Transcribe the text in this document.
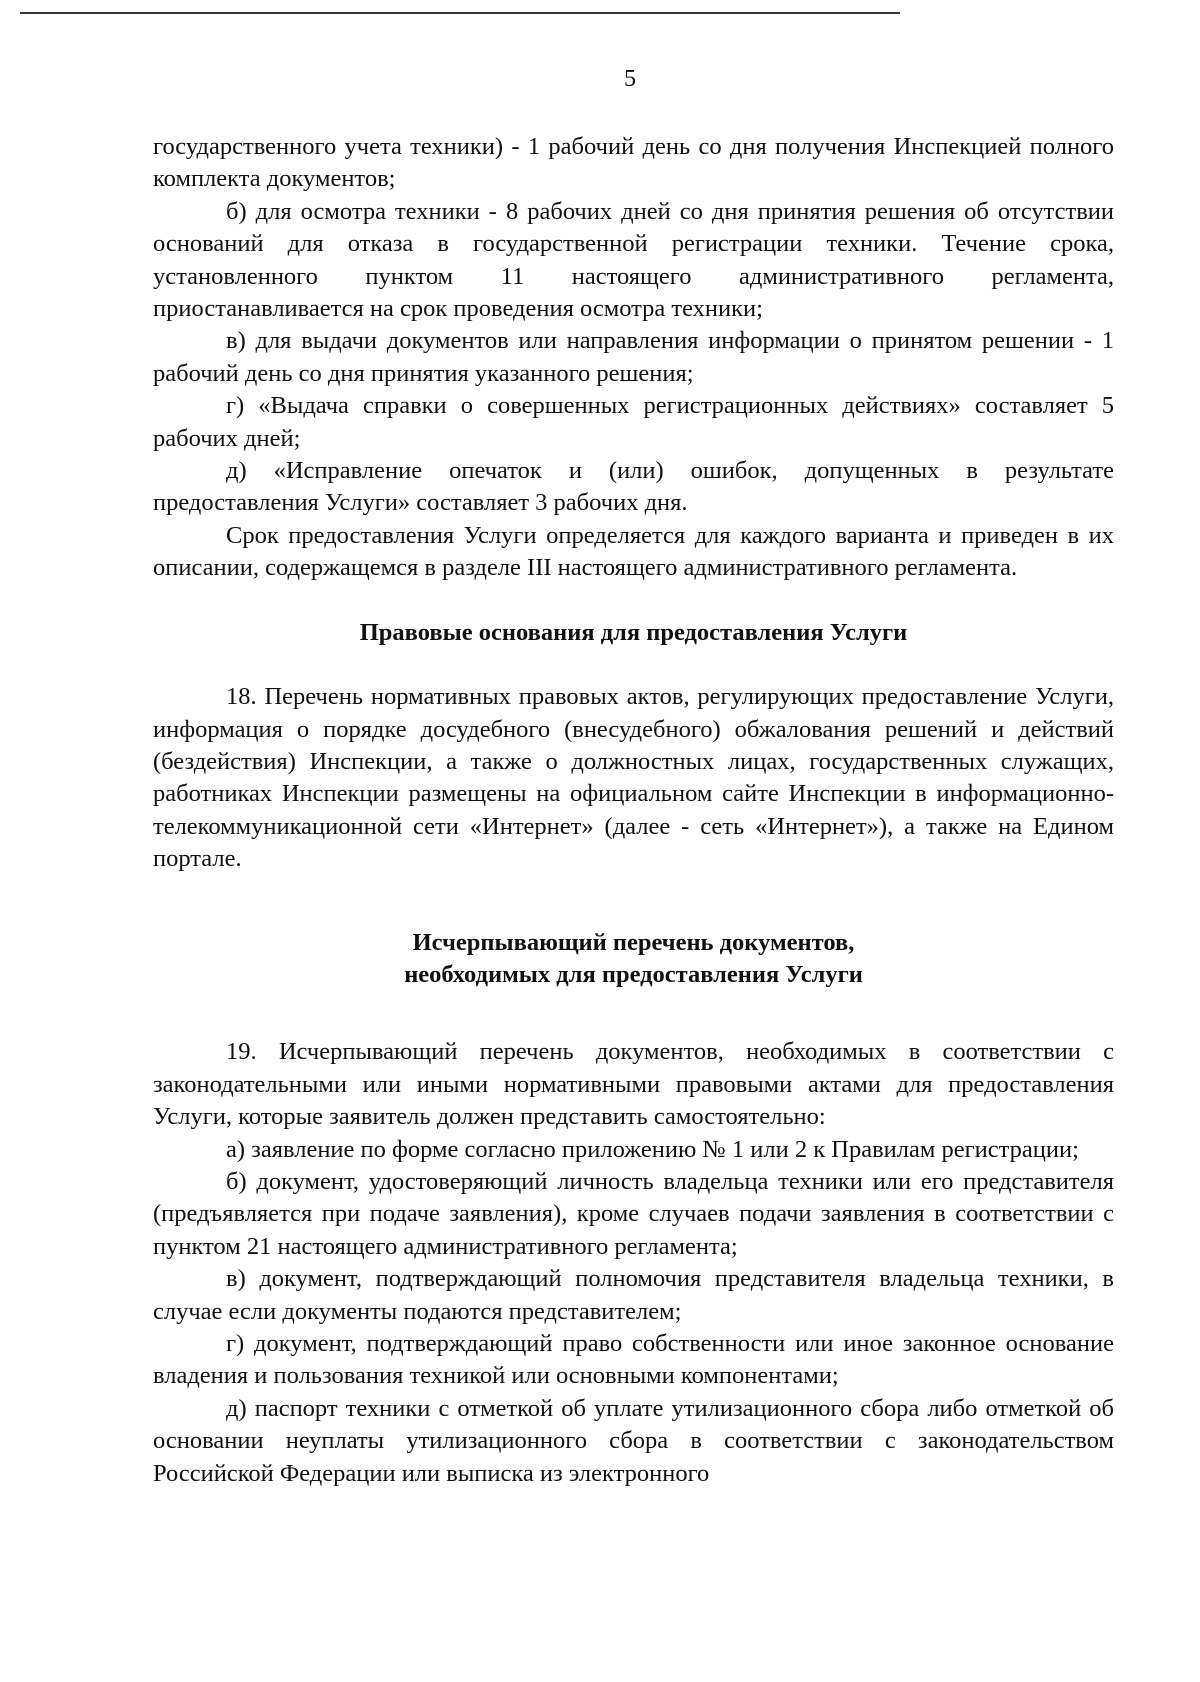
5

государственного учета техники) - 1 рабочий день со дня получения Инспекцией полного комплекта документов;

б) для осмотра техники - 8 рабочих дней со дня принятия решения об отсутствии оснований для отказа в государственной регистрации техники. Течение срока, установленного пунктом 11 настоящего административного регламента, приостанавливается на срок проведения осмотра техники;

в) для выдачи документов или направления информации о принятом решении - 1 рабочий день со дня принятия указанного решения;

г) «Выдача справки о совершенных регистрационных действиях» составляет 5 рабочих дней;

д) «Исправление опечаток и (или) ошибок, допущенных в результате предоставления Услуги» составляет 3 рабочих дня.

Срок предоставления Услуги определяется для каждого варианта и приведен в их описании, содержащемся в разделе III настоящего административного регламента.

Правовые основания для предоставления Услуги

18. Перечень нормативных правовых актов, регулирующих предоставление Услуги, информация о порядке досудебного (внесудебного) обжалования решений и действий (бездействия) Инспекции, а также о должностных лицах, государственных служащих, работниках Инспекции размещены на официальном сайте Инспекции в информационно-телекоммуникационной сети «Интернет» (далее - сеть «Интернет»), а также на Едином портале.

Исчерпывающий перечень документов,
необходимых для предоставления Услуги

19. Исчерпывающий перечень документов, необходимых в соответствии с законодательными или иными нормативными правовыми актами для предоставления Услуги, которые заявитель должен представить самостоятельно:

а) заявление по форме согласно приложению № 1 или 2 к Правилам регистрации;

б) документ, удостоверяющий личность владельца техники или его представителя (предъявляется при подаче заявления), кроме случаев подачи заявления в соответствии с пунктом 21 настоящего административного регламента;

в) документ, подтверждающий полномочия представителя владельца техники, в случае если документы подаются представителем;

г) документ, подтверждающий право собственности или иное законное основание владения и пользования техникой или основными компонентами;

д) паспорт техники с отметкой об уплате утилизационного сбора либо отметкой об основании неуплаты утилизационного сбора в соответствии с законодательством Российской Федерации или выписка из электронного
